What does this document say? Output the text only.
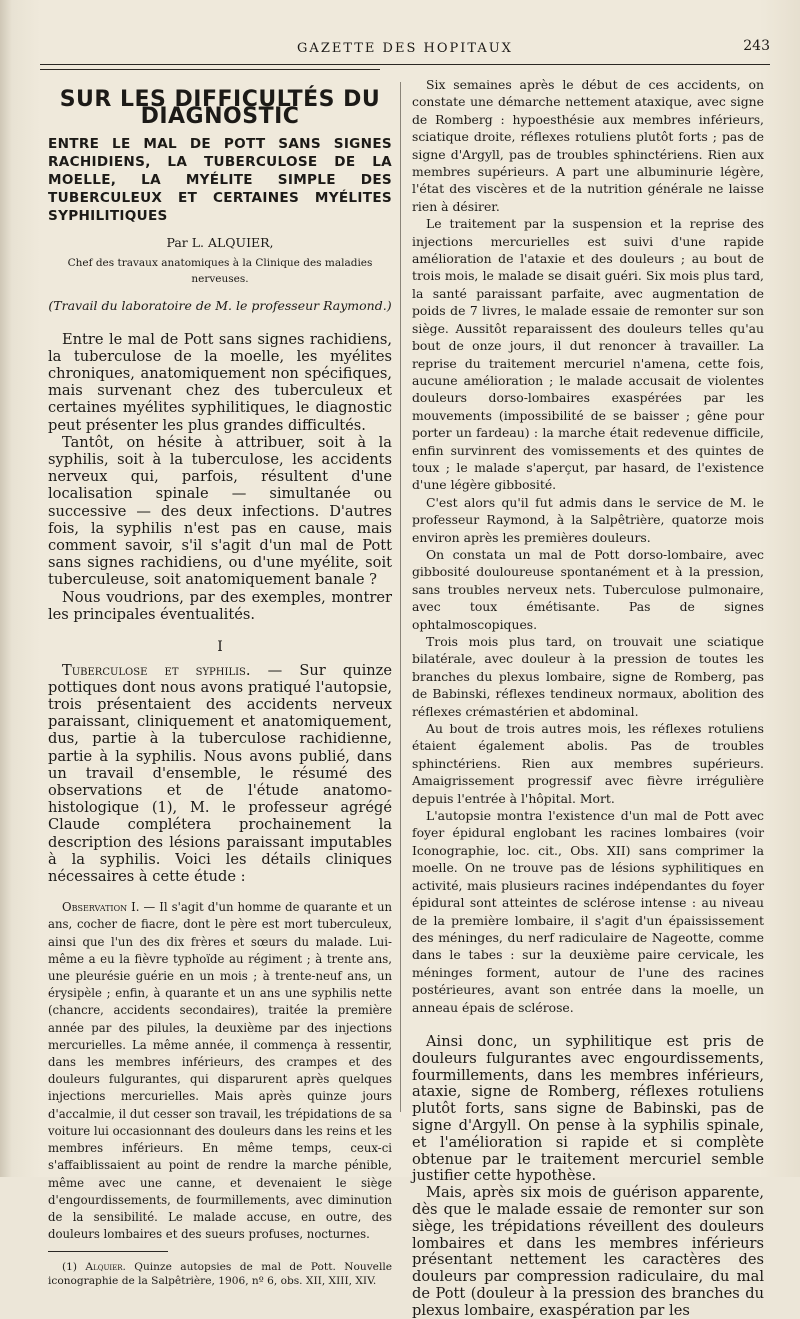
GAZETTE DES HOPITAUX	243
SUR LES DIFFICULTÉS DU DIAGNOSTIC
ENTRE LE MAL DE POTT SANS SIGNES RACHIDIENS, LA TUBERCULOSE DE LA MOELLE, LA MYÉLITE SIMPLE DES TUBERCULEUX ET CERTAINES MYÉLITES SYPHILITIQUES
Par L. ALQUIER,
Chef des travaux anatomiques à la Clinique des maladies nerveuses.
(Travail du laboratoire de M. le professeur Raymond.)

Entre le mal de Pott sans signes rachidiens, la tuberculose de la moelle, les myélites chroniques, anatomiquement non spécifiques, mais survenant chez des tuberculeux et certaines myélites syphilitiques, le diagnostic peut présenter les plus grandes difficultés.

Tantôt, on hésite à attribuer, soit à la syphilis, soit à la tuberculose, les accidents nerveux qui, parfois, résultent d'une localisation spinale — simultanée ou successive — des deux infections. D'autres fois, la syphilis n'est pas en cause, mais comment savoir, s'il s'agit d'un mal de Pott sans signes rachidiens, ou d'une myélite, soit tuberculeuse, soit anatomiquement banale ?

Nous voudrions, par des exemples, montrer les principales éventualités.

I

Tuberculose et syphilis. — Sur quinze pottiques dont nous avons pratiqué l'autopsie, trois présentaient des accidents nerveux paraissant, cliniquement et anatomiquement, dus, partie à la tuberculose rachidienne, partie à la syphilis. Nous avons publié, dans un travail d'ensemble, le résumé des observations et de l'étude anatomo-histologique (1), M. le professeur agrégé Claude complétera prochainement la description des lésions paraissant imputables à la syphilis. Voici les détails cliniques nécessaires à cette étude :

Observation I. — Il s'agit d'un homme de quarante et un ans, cocher de fiacre, dont le père est mort tuberculeux, ainsi que l'un des dix frères et sœurs du malade. Lui-même a eu la fièvre typhoïde au régiment ; à trente ans, une pleurésie guérie en un mois ; à trente-neuf ans, un érysipèle ; enfin, à quarante et un ans une syphilis nette (chancre, accidents secondaires), traitée la première année par des pilules, la deuxième par des injections mercurielles. La même année, il commença à ressentir, dans les membres inférieurs, des crampes et des douleurs fulgurantes, qui disparurent après quelques injections mercurielles. Mais après quinze jours d'accalmie, il dut cesser son travail, les trépidations de sa voiture lui occasionnant des douleurs dans les reins et les membres inférieurs. En même temps, ceux-ci s'affaiblissaient au point de rendre la marche pénible, même avec une canne, et devenaient le siège d'engourdissements, de fourmillements, avec diminution de la sensibilité. Le malade accuse, en outre, des douleurs lombaires et des sueurs profuses, nocturnes.

(1) Alquier. Quinze autopsies de mal de Pott. Nouvelle iconographie de la Salpêtrière, 1906, nº 6, obs. XII, XIII, XIV.

Six semaines après le début de ces accidents, on constate une démarche nettement ataxique, avec signe de Romberg : hypoesthésie aux membres inférieurs, sciatique droite, réflexes rotuliens plutôt forts ; pas de signe d'Argyll, pas de troubles sphinctériens. Rien aux membres supérieurs. A part une albuminurie légère, l'état des viscères et de la nutrition générale ne laisse rien à désirer.

Le traitement par la suspension et la reprise des injections mercurielles est suivi d'une rapide amélioration de l'ataxie et des douleurs ; au bout de trois mois, le malade se disait guéri. Six mois plus tard, la santé paraissant parfaite, avec augmentation de poids de 7 livres, le malade essaie de remonter sur son siège. Aussitôt reparaissent des douleurs telles qu'au bout de onze jours, il dut renoncer à travailler. La reprise du traitement mercuriel n'amena, cette fois, aucune amélioration ; le malade accusait de violentes douleurs dorso-lombaires exaspérées par les mouvements (impossibilité de se baisser ; gêne pour porter un fardeau) : la marche était redevenue difficile, enfin survinrent des vomissements et des quintes de toux ; le malade s'aperçut, par hasard, de l'existence d'une légère gibbosité.

C'est alors qu'il fut admis dans le service de M. le professeur Raymond, à la Salpêtrière, quatorze mois environ après les premières douleurs.

On constata un mal de Pott dorso-lombaire, avec gibbosité douloureuse spontanément et à la pression, sans troubles nerveux nets. Tuberculose pulmonaire, avec toux émétisante. Pas de signes ophtalmoscopiques.

Trois mois plus tard, on trouvait une sciatique bilatérale, avec douleur à la pression de toutes les branches du plexus lombaire, signe de Romberg, pas de Babinski, réflexes tendineux normaux, abolition des réflexes crémastérien et abdominal.

Au bout de trois autres mois, les réflexes rotuliens étaient également abolis. Pas de troubles sphinctériens. Rien aux membres supérieurs. Amaigrissement progressif avec fièvre irrégulière depuis l'entrée à l'hôpital. Mort.

L'autopsie montra l'existence d'un mal de Pott avec foyer épidural englobant les racines lombaires (voir Iconographie, loc. cit., Obs. XII) sans comprimer la moelle. On ne trouve pas de lésions syphilitiques en activité, mais plusieurs racines indépendantes du foyer épidural sont atteintes de sclérose intense : au niveau de la première lombaire, il s'agit d'un épaississement des méninges, du nerf radiculaire de Nageotte, comme dans le tabes : sur la deuxième paire cervicale, les méninges forment, autour de l'une des racines postérieures, avant son entrée dans la moelle, un anneau épais de sclérose.

Ainsi donc, un syphilitique est pris de douleurs fulgurantes avec engourdissements, fourmillements, dans les membres inférieurs, ataxie, signe de Romberg, réflexes rotuliens plutôt forts, sans signe de Babinski, pas de signe d'Argyll. On pense à la syphilis spinale, et l'amélioration si rapide et si complète obtenue par le traitement mercuriel semble justifier cette hypothèse.

Mais, après six mois de guérison apparente, dès que le malade essaie de remonter sur son siège, les trépidations réveillent des douleurs lombaires et dans les membres inférieurs présentant nettement les caractères des douleurs par compression radiculaire, du mal de Pott (douleur à la pression des branches du plexus lombaire, exaspération par les
